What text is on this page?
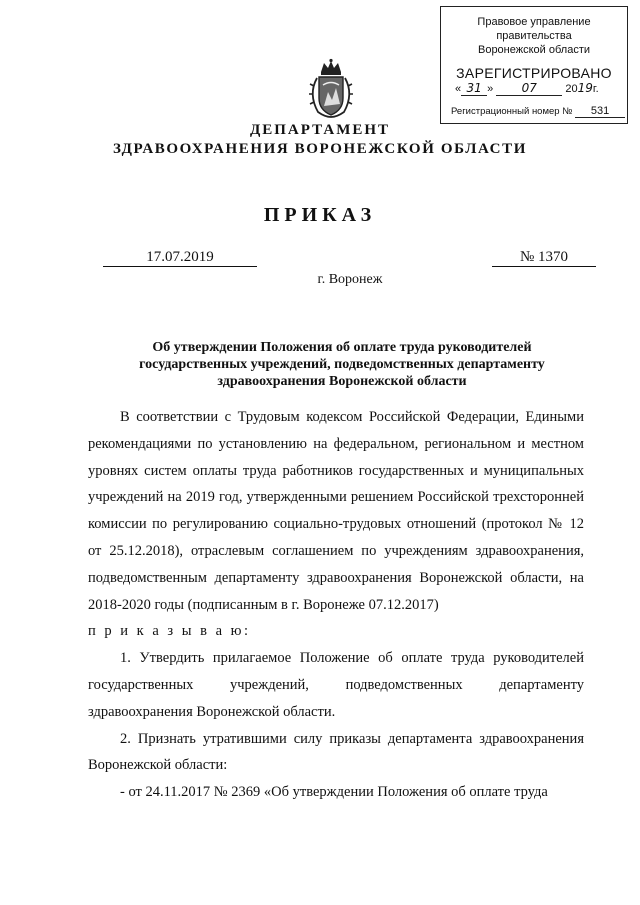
Правовое управление правительства
Воронежской области
ЗАРЕГИСТРИРОВАНО
« 31 » 07	2019г.
Регистрационный номер № 531
ДЕПАРТАМЕНТ
ЗДРАВООХРАНЕНИЯ ВОРОНЕЖСКОЙ ОБЛАСТИ
ПРИКАЗ
17.07.2019	№ 1370
г. Воронеж
Об утверждении Положения об оплате труда руководителей государственных учреждений, подведомственных департаменту здравоохранения Воронежской области

В соответствии с Трудовым кодексом Российской Федерации, Едиными рекомендациями по установлению на федеральном, региональном и местном уровнях систем оплаты труда работников государственных и муниципальных учреждений на 2019 год, утвержденными решением Российской трехсторонней комиссии по регулированию социально-трудовых отношений (протокол № 12 от 25.12.2018), отраслевым соглашением по учреждениям здравоохранения, подведомственным департаменту здравоохранения Воронежской области, на 2018-2020 годы (подписанным в г. Воронеже 07.12.2017)

п р и к а з ы в а ю:

1. Утвердить прилагаемое Положение об оплате труда руководителей государственных учреждений, подведомственных департаменту здравоохранения Воронежской области.

2. Признать утратившими силу приказы департамента здравоохранения Воронежской области:

- от 24.11.2017 № 2369 «Об утверждении Положения об оплате труда
